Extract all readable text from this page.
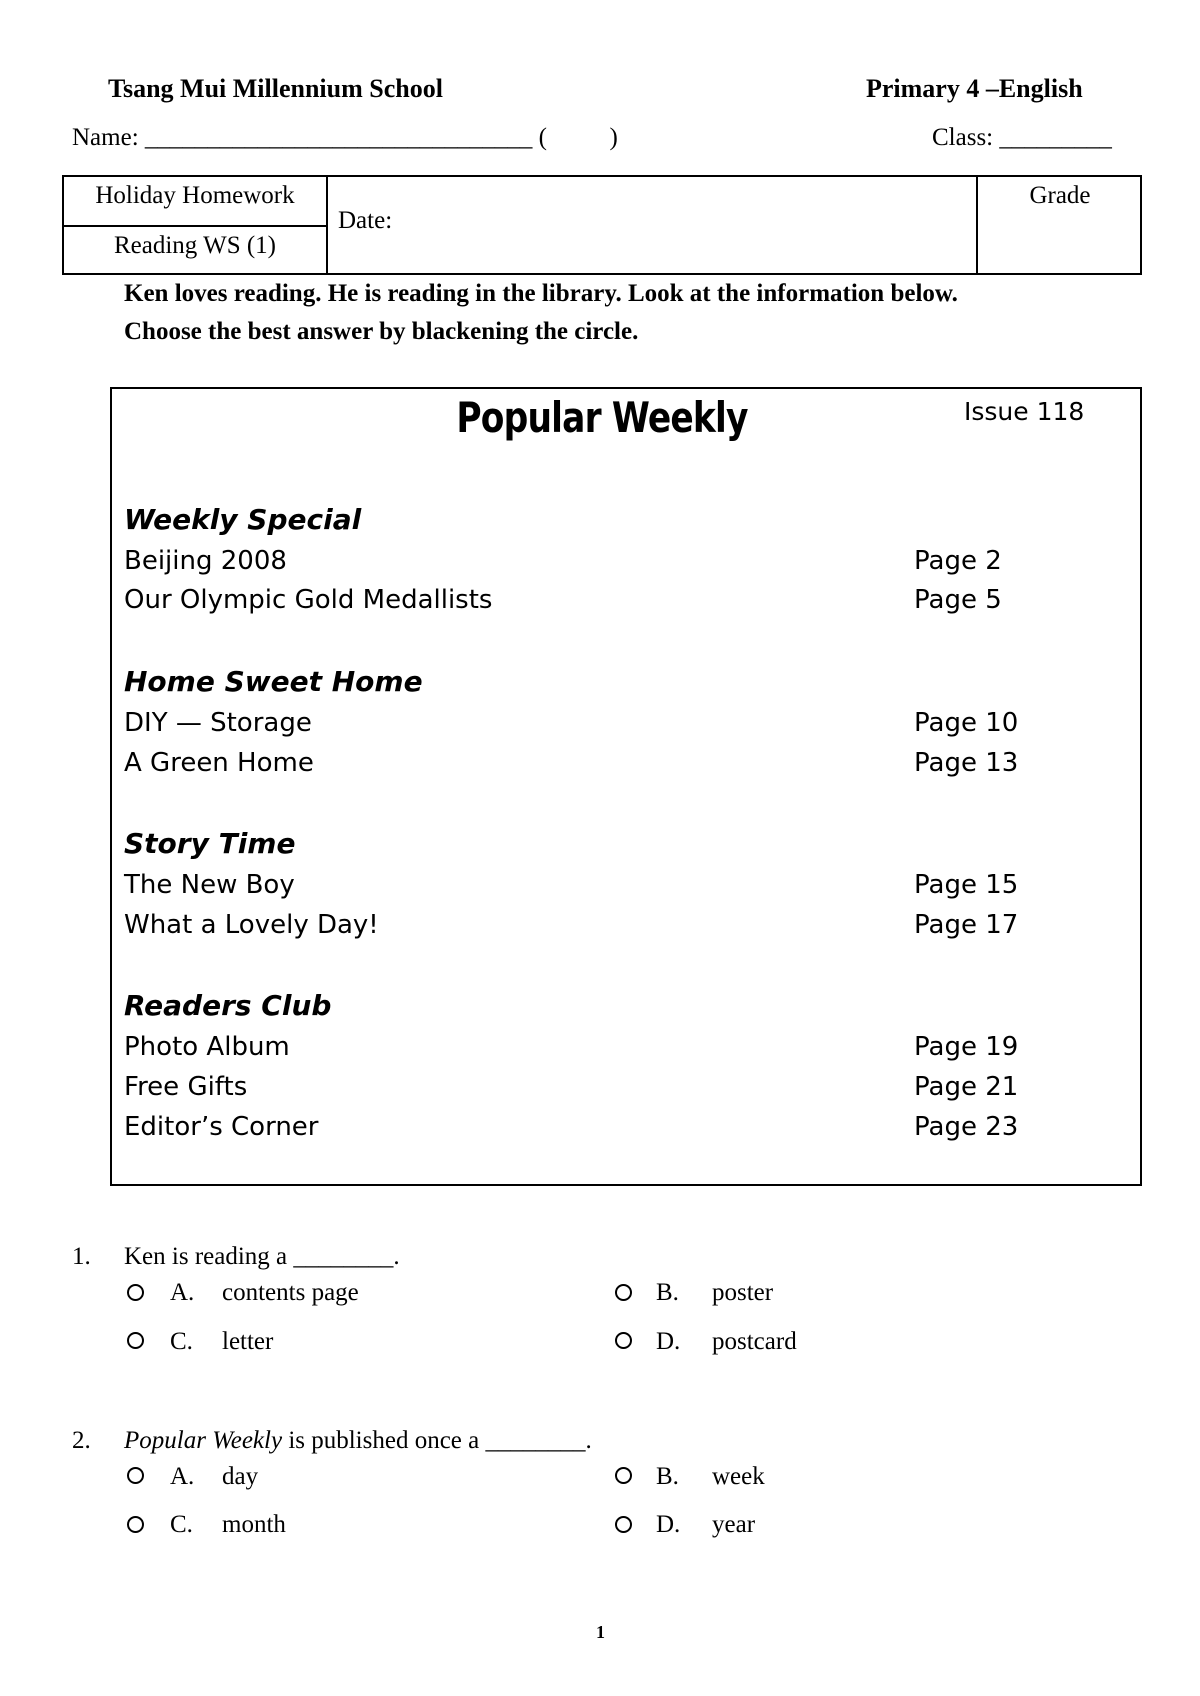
Tsang Mui Millennium School	Primary 4 –English
Name: _______________________________ (          )	Class: _________
Holiday Homework
Reading WS (1)
Date:
Grade
Ken loves reading. He is reading in the library. Look at the information below.
Choose the best answer by blackening the circle.
Popular Weekly	Issue 118
Weekly Special
Beijing 2008	Page 2
Our Olympic Gold Medallists	Page 5
Home Sweet Home
DIY — Storage	Page 10
A Green Home	Page 13
Story Time
The New Boy	Page 15
What a Lovely Day!	Page 17
Readers Club
Photo Album	Page 19
Free Gifts	Page 21
Editor’s Corner	Page 23
1. Ken is reading a ________.
A. contents page	B. poster
C. letter	D. postcard
2. Popular Weekly is published once a ________.
A. day	B. week
C. month	D. year
1
